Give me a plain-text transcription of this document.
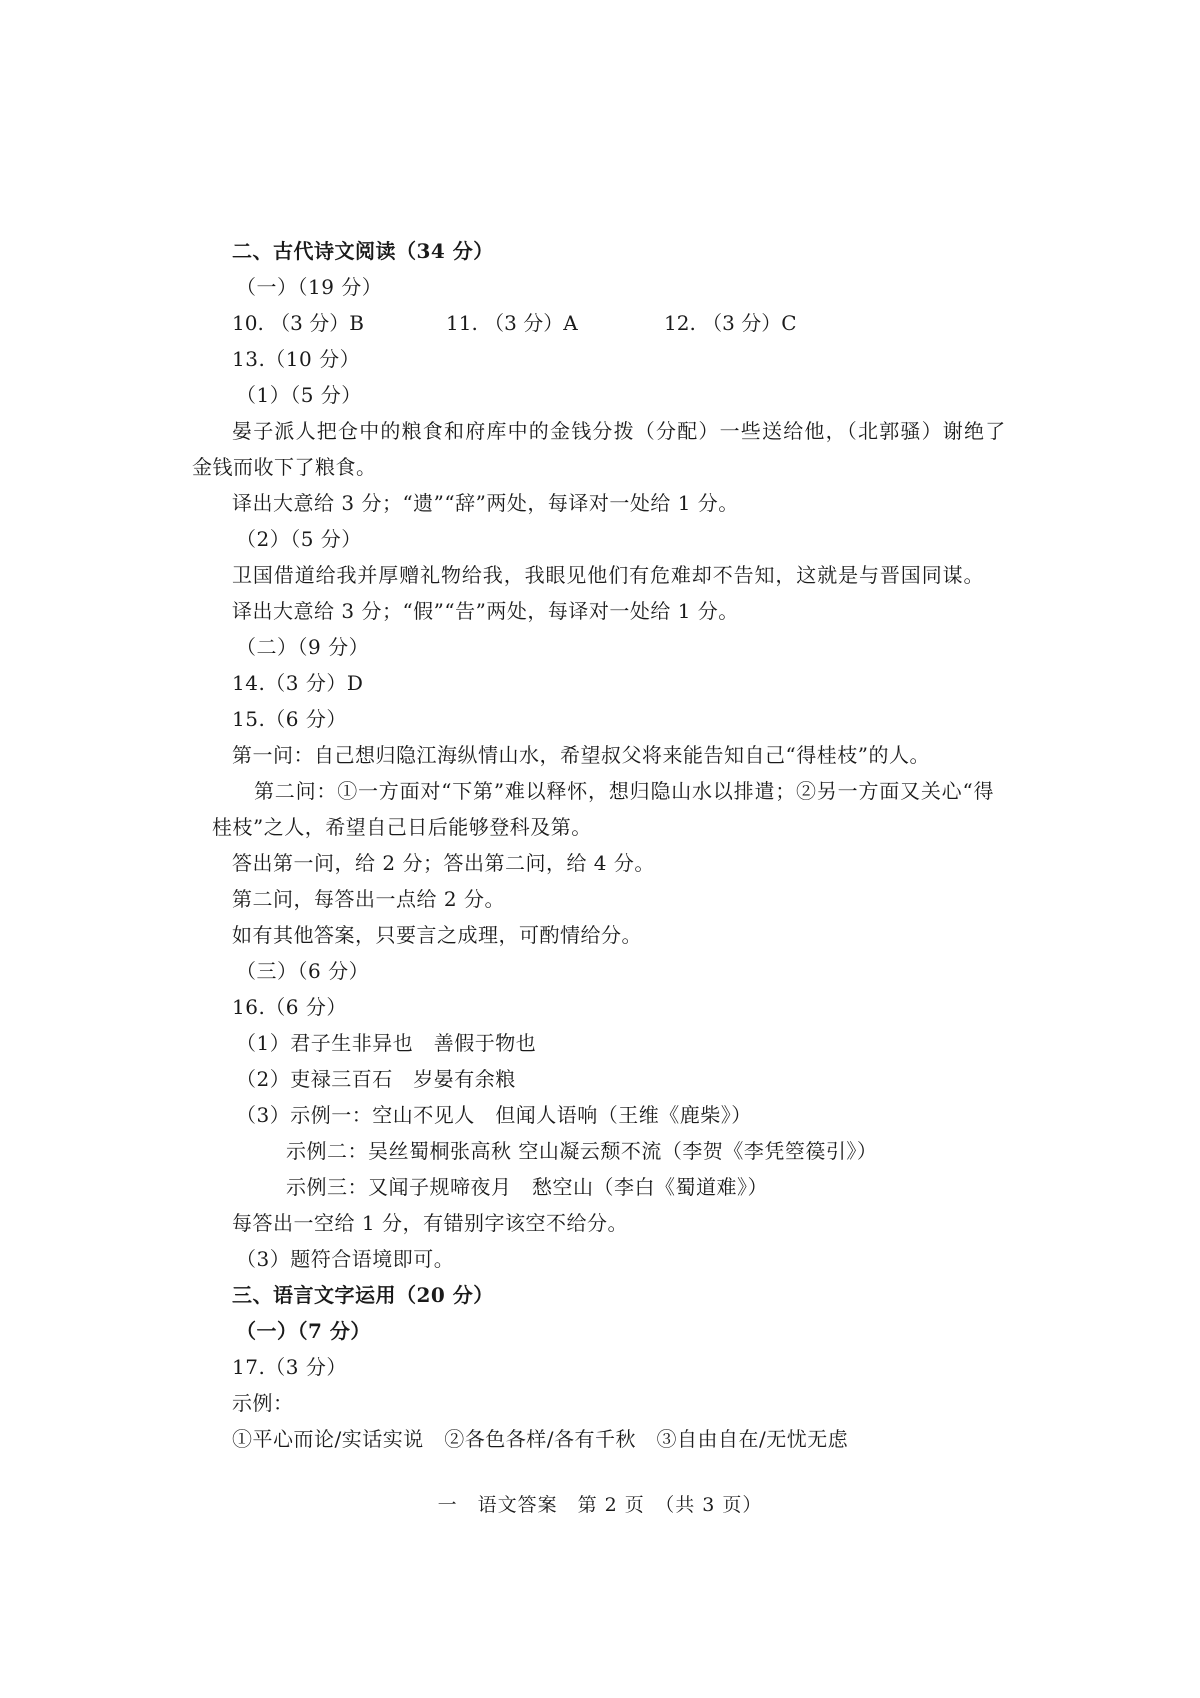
二、古代诗文阅读（34 分）
（一）（19 分）
10. （3 分）B	11. （3 分）A	12. （3 分）C
13.（10 分）
（1）（5 分）
晏子派人把仓中的粮食和府库中的金钱分拨（分配）一些送给他，（北郭骚）谢绝了
金钱而收下了粮食。
译出大意给 3 分；“遗”“辞”两处，每译对一处给 1 分。
（2）（5 分）
卫国借道给我并厚赠礼物给我，我眼见他们有危难却不告知，这就是与晋国同谋。
译出大意给 3 分；“假”“告”两处，每译对一处给 1 分。
（二）（9 分）
14.（3 分）D
15.（6 分）
第一问：自己想归隐江海纵情山水，希望叔父将来能告知自己“得桂枝”的人。
第二问：①一方面对“下第”难以释怀，想归隐山水以排遣；②另一方面又关心“得
桂枝”之人，希望自己日后能够登科及第。
答出第一问，给 2 分；答出第二问，给 4 分。
第二问，每答出一点给 2 分。
如有其他答案，只要言之成理，可酌情给分。
（三）（6 分）
16.（6 分）
（1）君子生非异也　善假于物也
（2）吏禄三百石　岁晏有余粮
（3）示例一：空山不见人　但闻人语响（王维《鹿柴》）
示例二：吴丝蜀桐张高秋 空山凝云颓不流（李贺《李凭箜篌引》）
示例三：又闻子规啼夜月　愁空山（李白《蜀道难》）
每答出一空给 1 分，有错别字该空不给分。
（3）题符合语境即可。
三、语言文字运用（20 分）
（一）（7 分）
17.（3 分）
示例：
①平心而论/实话实说　②各色各样/各有千秋　③自由自在/无忧无虑
一　语文答案　第 2 页　（共 3 页）
